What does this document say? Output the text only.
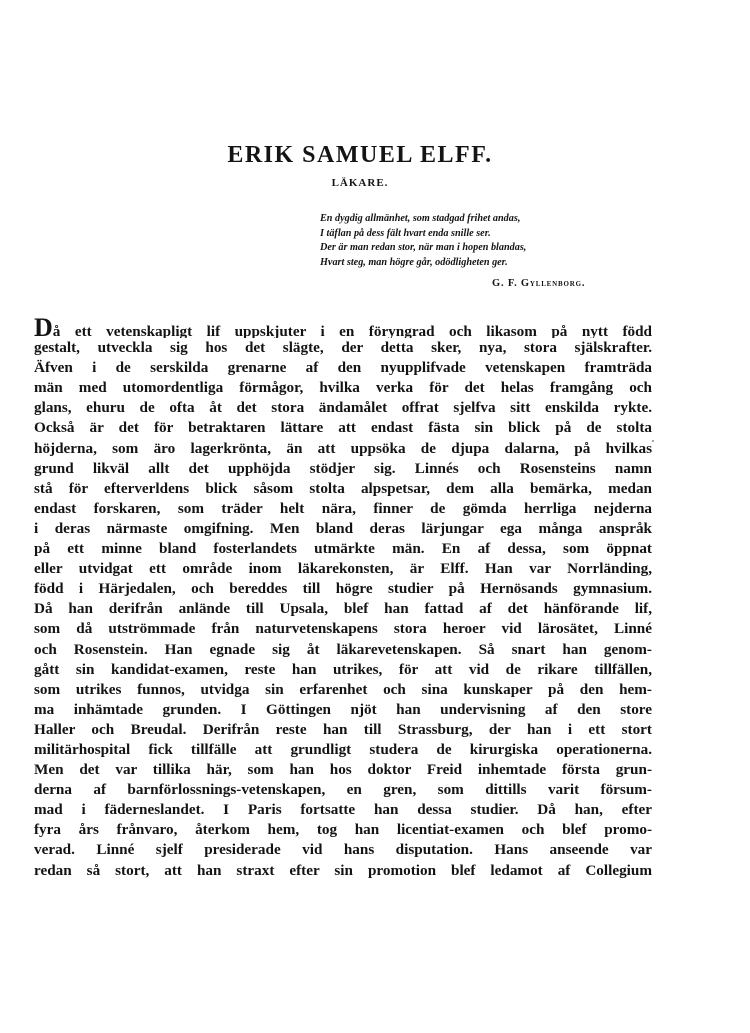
ERIK SAMUEL ELFF.
LÄKARE.
En dygdig allmänhet, som stadgad frihet andas,
I täflan på dess fält hvart enda snille ser.
Der är man redan stor, när man i hopen blandas,
Hvart steg, man högre går, odödligheten ger.
G. F. Gyllenborg.
Då ett vetenskapligt lif uppskjuter i en föryngrad och likasom på nytt född
gestalt, utveckla sig hos det slägte, der detta sker, nya, stora själskrafter.
Äfven i de serskilda grenarne af den nyupplifvade vetenskapen framträda
män med utomordentliga förmågor, hvilka verka för det helas framgång och
glans, ehuru de ofta åt det stora ändamålet offrat sjelfva sitt enskilda rykte.
Också är det för betraktaren lättare att endast fästa sin blick på de stolta
höjderna, som äro lagerkrönta, än att uppsöka de djupa dalarna, på hvilkas
grund likväl allt det upphöjda stödjer sig. Linnés och Rosensteins namn
stå för efterverldens blick såsom stolta alpspetsar, dem alla bemärka, medan
endast forskaren, som träder helt nära, finner de gömda herrliga nejderna
i deras närmaste omgifning. Men bland deras lärjungar ega många anspråk
på ett minne bland fosterlandets utmärkte män. En af dessa, som öppnat
eller utvidgat ett område inom läkarekonsten, är Elff. Han var Norrländing,
född i Härjedalen, och bereddes till högre studier på Hernösands gymnasium.
Då han derifrån anlände till Upsala, blef han fattad af det hänförande lif,
som då utströmmade från naturvetenskapens stora heroer vid lärosätet, Linné
och Rosenstein. Han egnade sig åt läkarevetenskapen. Så snart han genom-
gått sin kandidat-examen, reste han utrikes, för att vid de rikare tillfällen,
som utrikes funnos, utvidga sin erfarenhet och sina kunskaper på den hem-
ma inhämtade grunden. I Göttingen njöt han undervisning af den store
Haller och Breudal. Derifrån reste han till Strassburg, der han i ett stort
militärhospital fick tillfälle att grundligt studera de kirurgiska operationerna.
Men det var tillika här, som han hos doktor Freid inhemtade första grun-
derna af barnförlossnings-vetenskapen, en gren, som dittills varit försum-
mad i fäderneslandet. I Paris fortsatte han dessa studier. Då han, efter
fyra års frånvaro, återkom hem, tog han licentiat-examen och blef promo-
verad. Linné sjelf presiderade vid hans disputation. Hans anseende var
redan så stort, att han straxt efter sin promotion blef ledamot af Collegium
